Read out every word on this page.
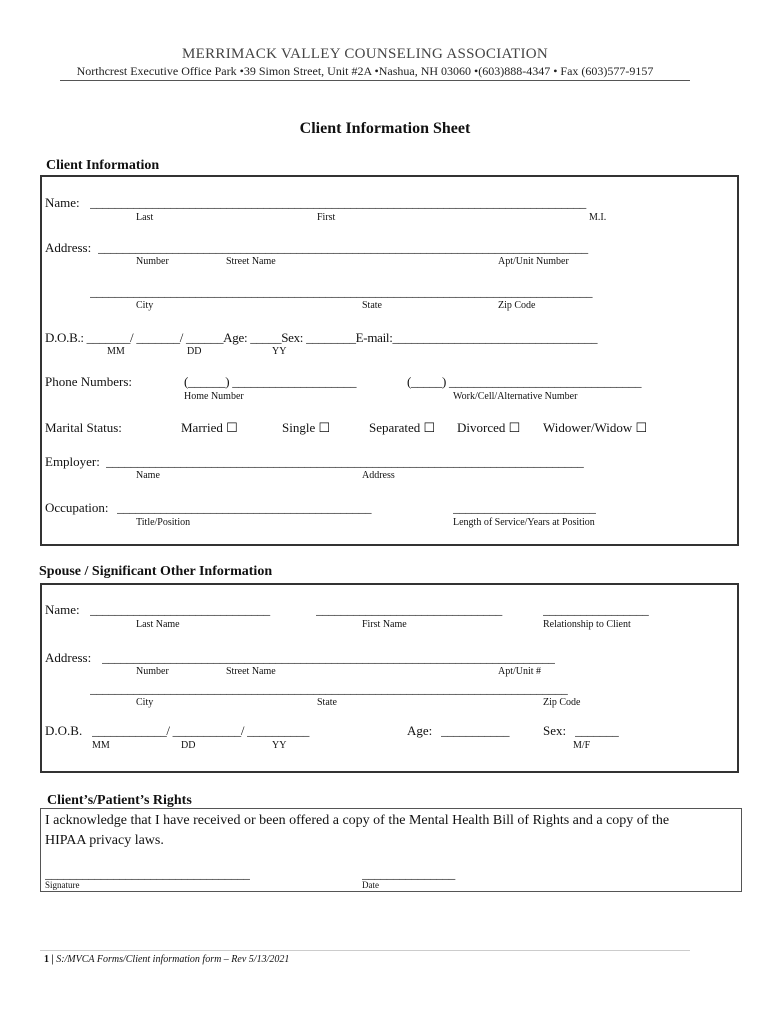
MERRIMACK VALLEY COUNSELING ASSOCIATION
Northcrest Executive Office Park •39 Simon Street, Unit #2A •Nashua, NH 03060 •(603)888-4347 • Fax (603)577-9157
Client Information Sheet
Client Information
Name: ________________________________________________________________________________
Last	First	M.I.
Address: _______________________________________________________________________________
Number	Street Name	Apt/Unit Number
_________________________________________________________________________________
City	State	Zip Code
D.O.B.: _______/ _______/ ______Age: _____Sex: ________E-mail:_________________________________
MM	DD	YY
Phone Numbers:	(______) ____________________	(_____) _______________________________
Home Number	Work/Cell/Alternative Number
Marital Status:	Married ☐	Single ☐	Separated ☐ Divorced ☐ Widower/Widow ☐
Employer: _____________________________________________________________________________
Name	Address
Occupation: _________________________________________	_______________________
Title/Position	Length of Service/Years at Position
Spouse / Significant Other Information
Name: _____________________________	______________________________	_________________
Last Name	First Name	Relationship to Client
Address: _________________________________________________________________________
Number	Street Name	Apt/Unit #
_____________________________________________________________________________
City	State	Zip Code
D.O.B. ____________/ ___________/ __________	Age: ___________	Sex: _______
MM	DD	YY	M/F
Client’s/Patient’s Rights
I acknowledge that I have received or been offered a copy of the Mental Health Bill of Rights and a copy of the
HIPAA privacy laws.
_________________________________	_______________
Signature	Date
1 | S:/MVCA Forms/Client information form – Rev 5/13/2021
